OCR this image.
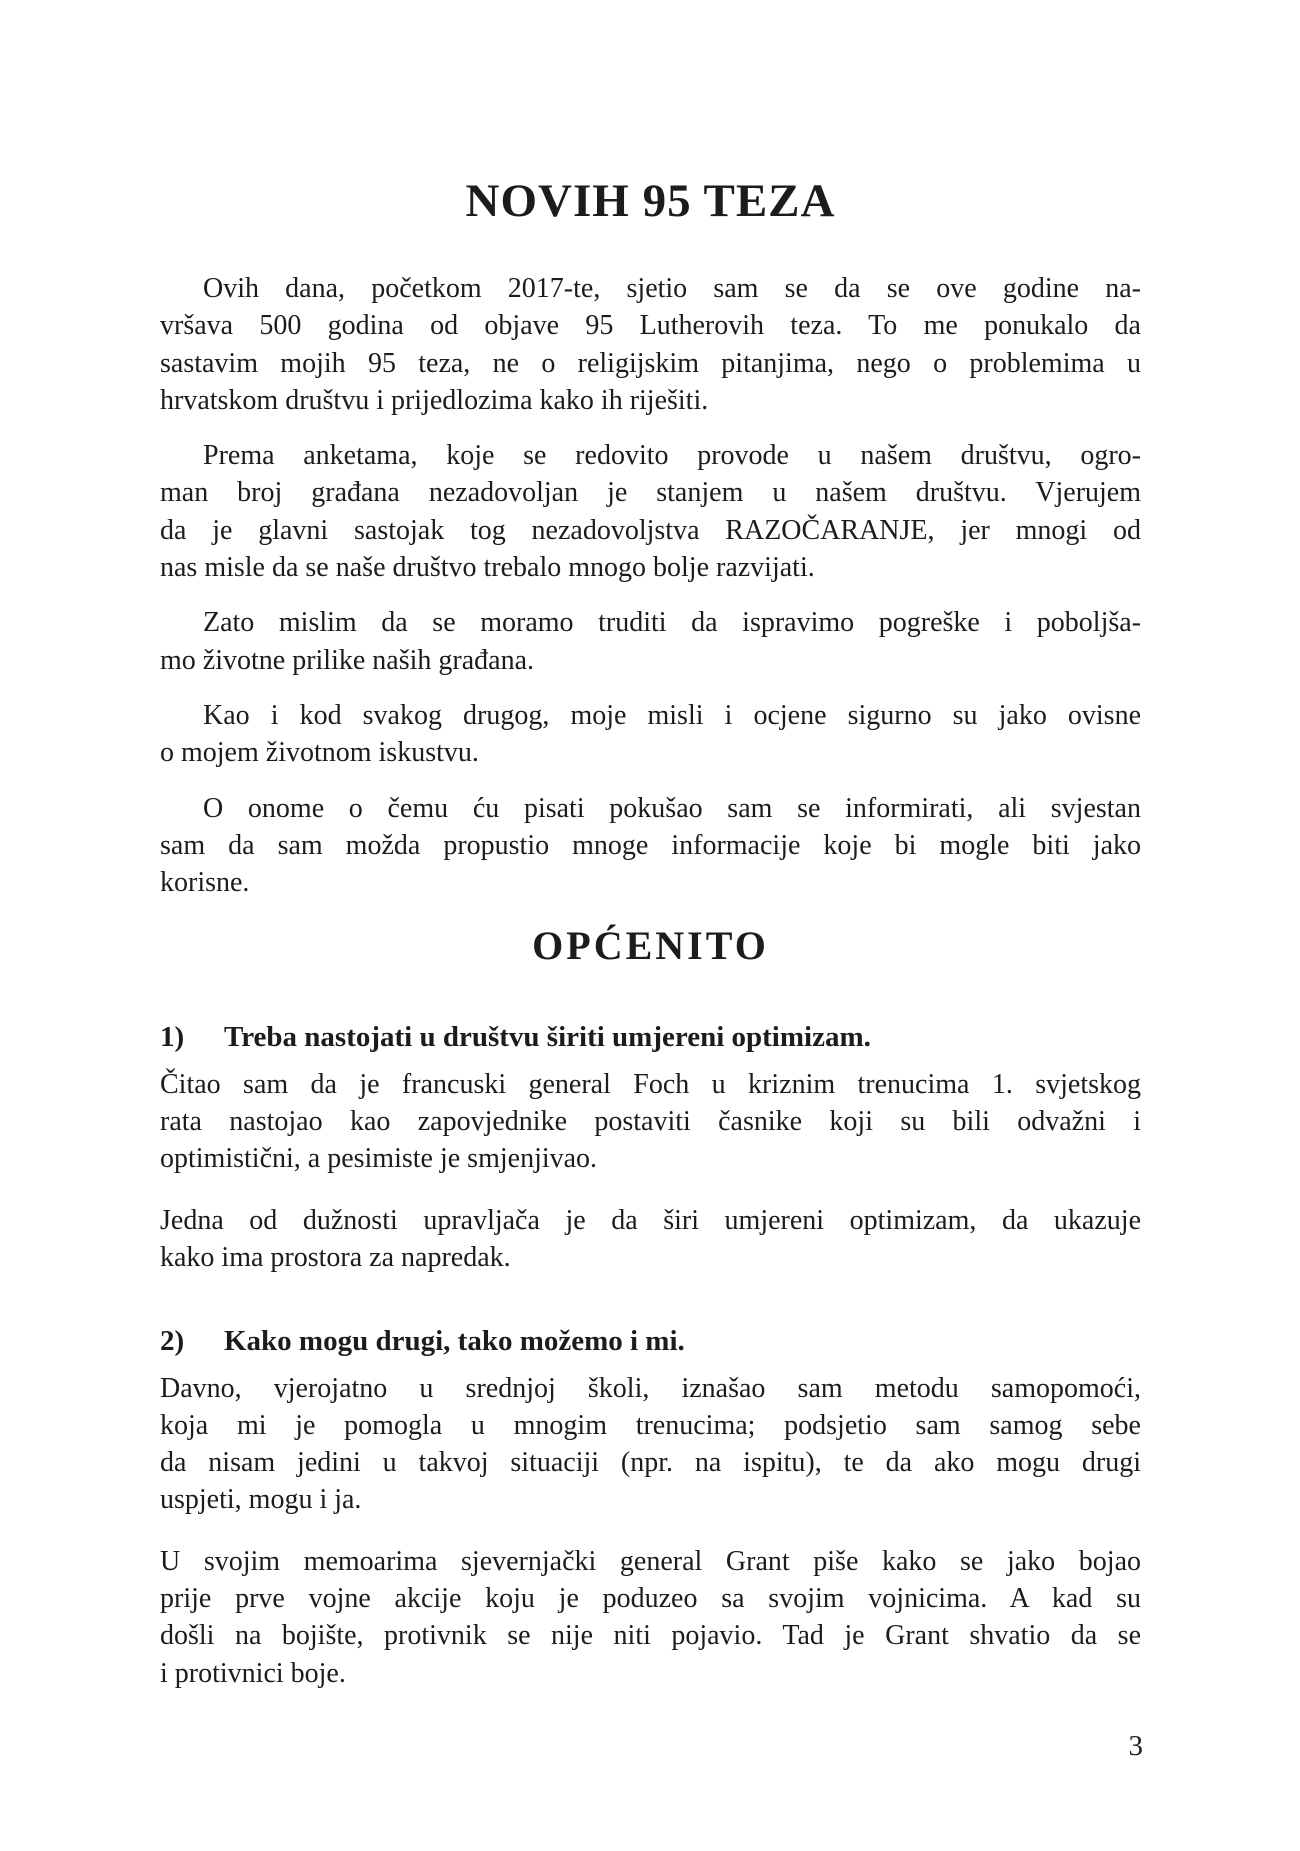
NOVIH 95 TEZA
Ovih dana, početkom 2017-te, sjetio sam se da se ove godine na-
vršava 500 godina od objave 95 Lutherovih teza. To me ponukalo da
sastavim mojih 95 teza, ne o religijskim pitanjima, nego o problemima u
hrvatskom društvu i prijedlozima kako ih riješiti.
Prema anketama, koje se redovito provode u našem društvu, ogro-
man broj građana nezadovoljan je stanjem u našem društvu. Vjerujem
da je glavni sastojak tog nezadovoljstva RAZOČARANJE, jer mnogi od
nas misle da se naše društvo trebalo mnogo bolje razvijati.
Zato mislim da se moramo truditi da ispravimo pogreške i poboljša-
mo životne prilike naših građana.
Kao i kod svakog drugog, moje misli i ocjene sigurno su jako ovisne
o mojem životnom iskustvu.
O onome o čemu ću pisati pokušao sam se informirati, ali svjestan
sam da sam možda propustio mnoge informacije koje bi mogle biti jako
korisne.
OPĆENITO
1) Treba nastojati u društvu širiti umjereni optimizam.
Čitao sam da je francuski general Foch u kriznim trenucima 1. svjetskog
rata nastojao kao zapovjednike postaviti časnike koji su bili odvažni i
optimistični, a pesimiste je smjenjivao.
Jedna od dužnosti upravljača je da širi umjereni optimizam, da ukazuje
kako ima prostora za napredak.
2) Kako mogu drugi, tako možemo i mi.
Davno, vjerojatno u srednjoj školi, iznašao sam metodu samopomoći,
koja mi je pomogla u mnogim trenucima; podsjetio sam samog sebe
da nisam jedini u takvoj situaciji (npr. na ispitu), te da ako mogu drugi
uspjeti, mogu i ja.
U svojim memoarima sjevernjački general Grant piše kako se jako bojao
prije prve vojne akcije koju je poduzeo sa svojim vojnicima. A kad su
došli na bojište, protivnik se nije niti pojavio. Tad je Grant shvatio da se
i protivnici boje.
3
